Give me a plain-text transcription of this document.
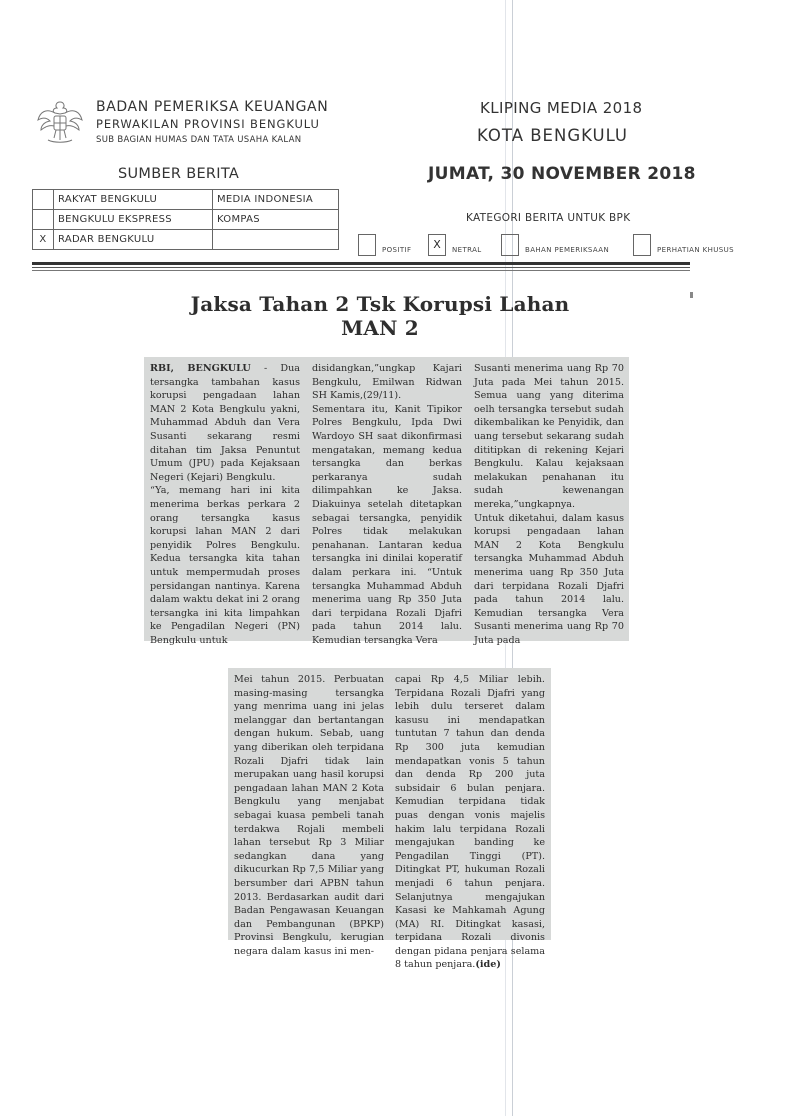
BADAN PEMERIKSA KEUANGAN
PERWAKILAN PROVINSI BENGKULU
SUB BAGIAN HUMAS DAN TATA USAHA KALAN
KLIPING MEDIA 2018
KOTA BENGKULU
JUMAT, 30 NOVEMBER 2018
SUMBER BERITA
	RAKYAT BENGKULU	MEDIA INDONESIA
	BENGKULU EKSPRESS	KOMPAS
X	RADAR BENGKULU	
KATEGORI BERITA UNTUK BPK
POSITIF	X	NETRAL	BAHAN PEMERIKSAAN	PERHATIAN KHUSUS
Jaksa Tahan 2 Tsk Korupsi Lahan MAN 2
RBI, BENGKULU - Dua tersangka tambahan kasus korupsi pengadaan lahan MAN 2 Kota Bengkulu yakni, Muhammad Abduh dan Vera Susanti sekarang resmi ditahan tim Jaksa Penuntut Umum (JPU) pada Kejaksaan Negeri (Kejari) Bengkulu.
“Ya, memang hari ini kita menerima berkas perkara 2 orang tersangka kasus korupsi lahan MAN 2 dari penyidik Polres Bengkulu. Kedua tersangka kita tahan untuk mempermudah proses persidangan nantinya. Karena dalam waktu dekat ini 2 orang tersangka ini kita limpahkan ke Pengadilan Negeri (PN) Bengkulu untuk
disidangkan,”ungkap Kajari Bengkulu, Emilwan Ridwan SH Kamis,(29/11).
Sementara itu, Kanit Tipikor Polres Bengkulu, Ipda Dwi Wardoyo SH saat dikonfirmasi mengatakan, memang kedua tersangka dan berkas perkaranya sudah dilimpahkan ke Jaksa. Diakuinya setelah ditetapkan sebagai tersangka, penyidik Polres tidak melakukan penahanan. Lantaran kedua tersangka ini dinilai koperatif dalam perkara ini. “Untuk tersangka Muhammad Abduh menerima uang Rp 350 Juta dari terpidana Rozali Djafri pada tahun 2014 lalu. Kemudian tersangka Vera
Susanti menerima uang Rp 70 Juta pada Mei tahun 2015. Semua uang yang diterima oelh tersangka tersebut sudah dikembalikan ke Penyidik, dan uang tersebut sekarang sudah dititipkan di rekening Kejari Bengkulu. Kalau kejaksaan melakukan penahanan itu sudah kewenangan mereka,”ungkapnya.
Untuk diketahui, dalam kasus korupsi pengadaan lahan MAN 2 Kota Bengkulu tersangka Muhammad Abduh menerima uang Rp 350 Juta dari terpidana Rozali Djafri pada tahun 2014 lalu. Kemudian tersangka Vera Susanti menerima uang Rp 70 Juta pada
Mei tahun 2015. Perbuatan masing-masing tersangka yang menrima uang ini jelas melanggar dan bertantangan dengan hukum. Sebab, uang yang diberikan oleh terpidana Rozali Djafri tidak lain merupakan uang hasil korupsi pengadaan lahan MAN 2 Kota Bengkulu yang menjabat sebagai kuasa pembeli tanah terdakwa Rojali membeli lahan tersebut Rp 3 Miliar sedangkan dana yang dikucurkan Rp 7,5 Miliar yang bersumber dari APBN tahun 2013. Berdasarkan audit dari Badan Pengawasan Keuangan dan Pembangunan (BPKP) Provinsi Bengkulu, kerugian negara dalam kasus ini men-
capai Rp 4,5 Miliar lebih. Terpidana Rozali Djafri yang lebih dulu terseret dalam kasusu ini mendapatkan tuntutan 7 tahun dan denda Rp 300 juta kemudian mendapatkan vonis 5 tahun dan denda Rp 200 juta subsidair 6 bulan penjara. Kemudian terpidana tidak puas dengan vonis majelis hakim lalu terpidana Rozali mengajukan banding ke Pengadilan Tinggi (PT). Ditingkat PT, hukuman Rozali menjadi 6 tahun penjara. Selanjutnya mengajukan Kasasi ke Mahkamah Agung (MA) RI. Ditingkat kasasi, terpidana Rozali divonis dengan pidana penjara selama 8 tahun penjara.(ide)
